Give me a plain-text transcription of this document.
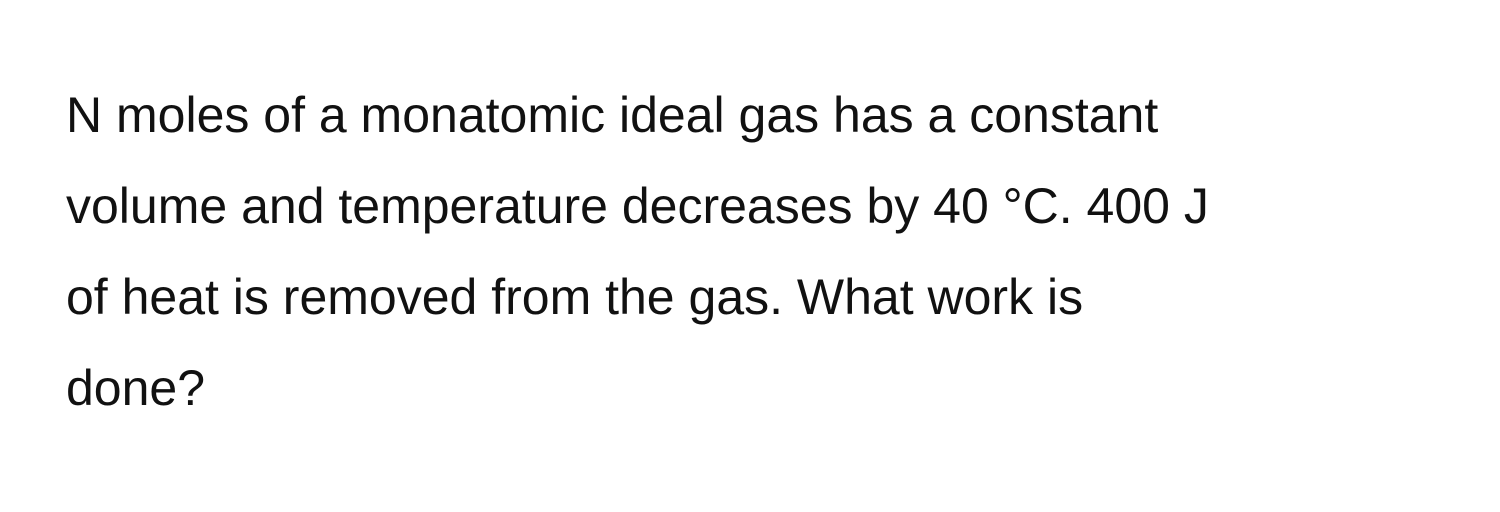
N moles of a monatomic ideal gas has a constant
volume and temperature decreases by 40 °C. 400 J
of heat is removed from the gas. What work is
done?
